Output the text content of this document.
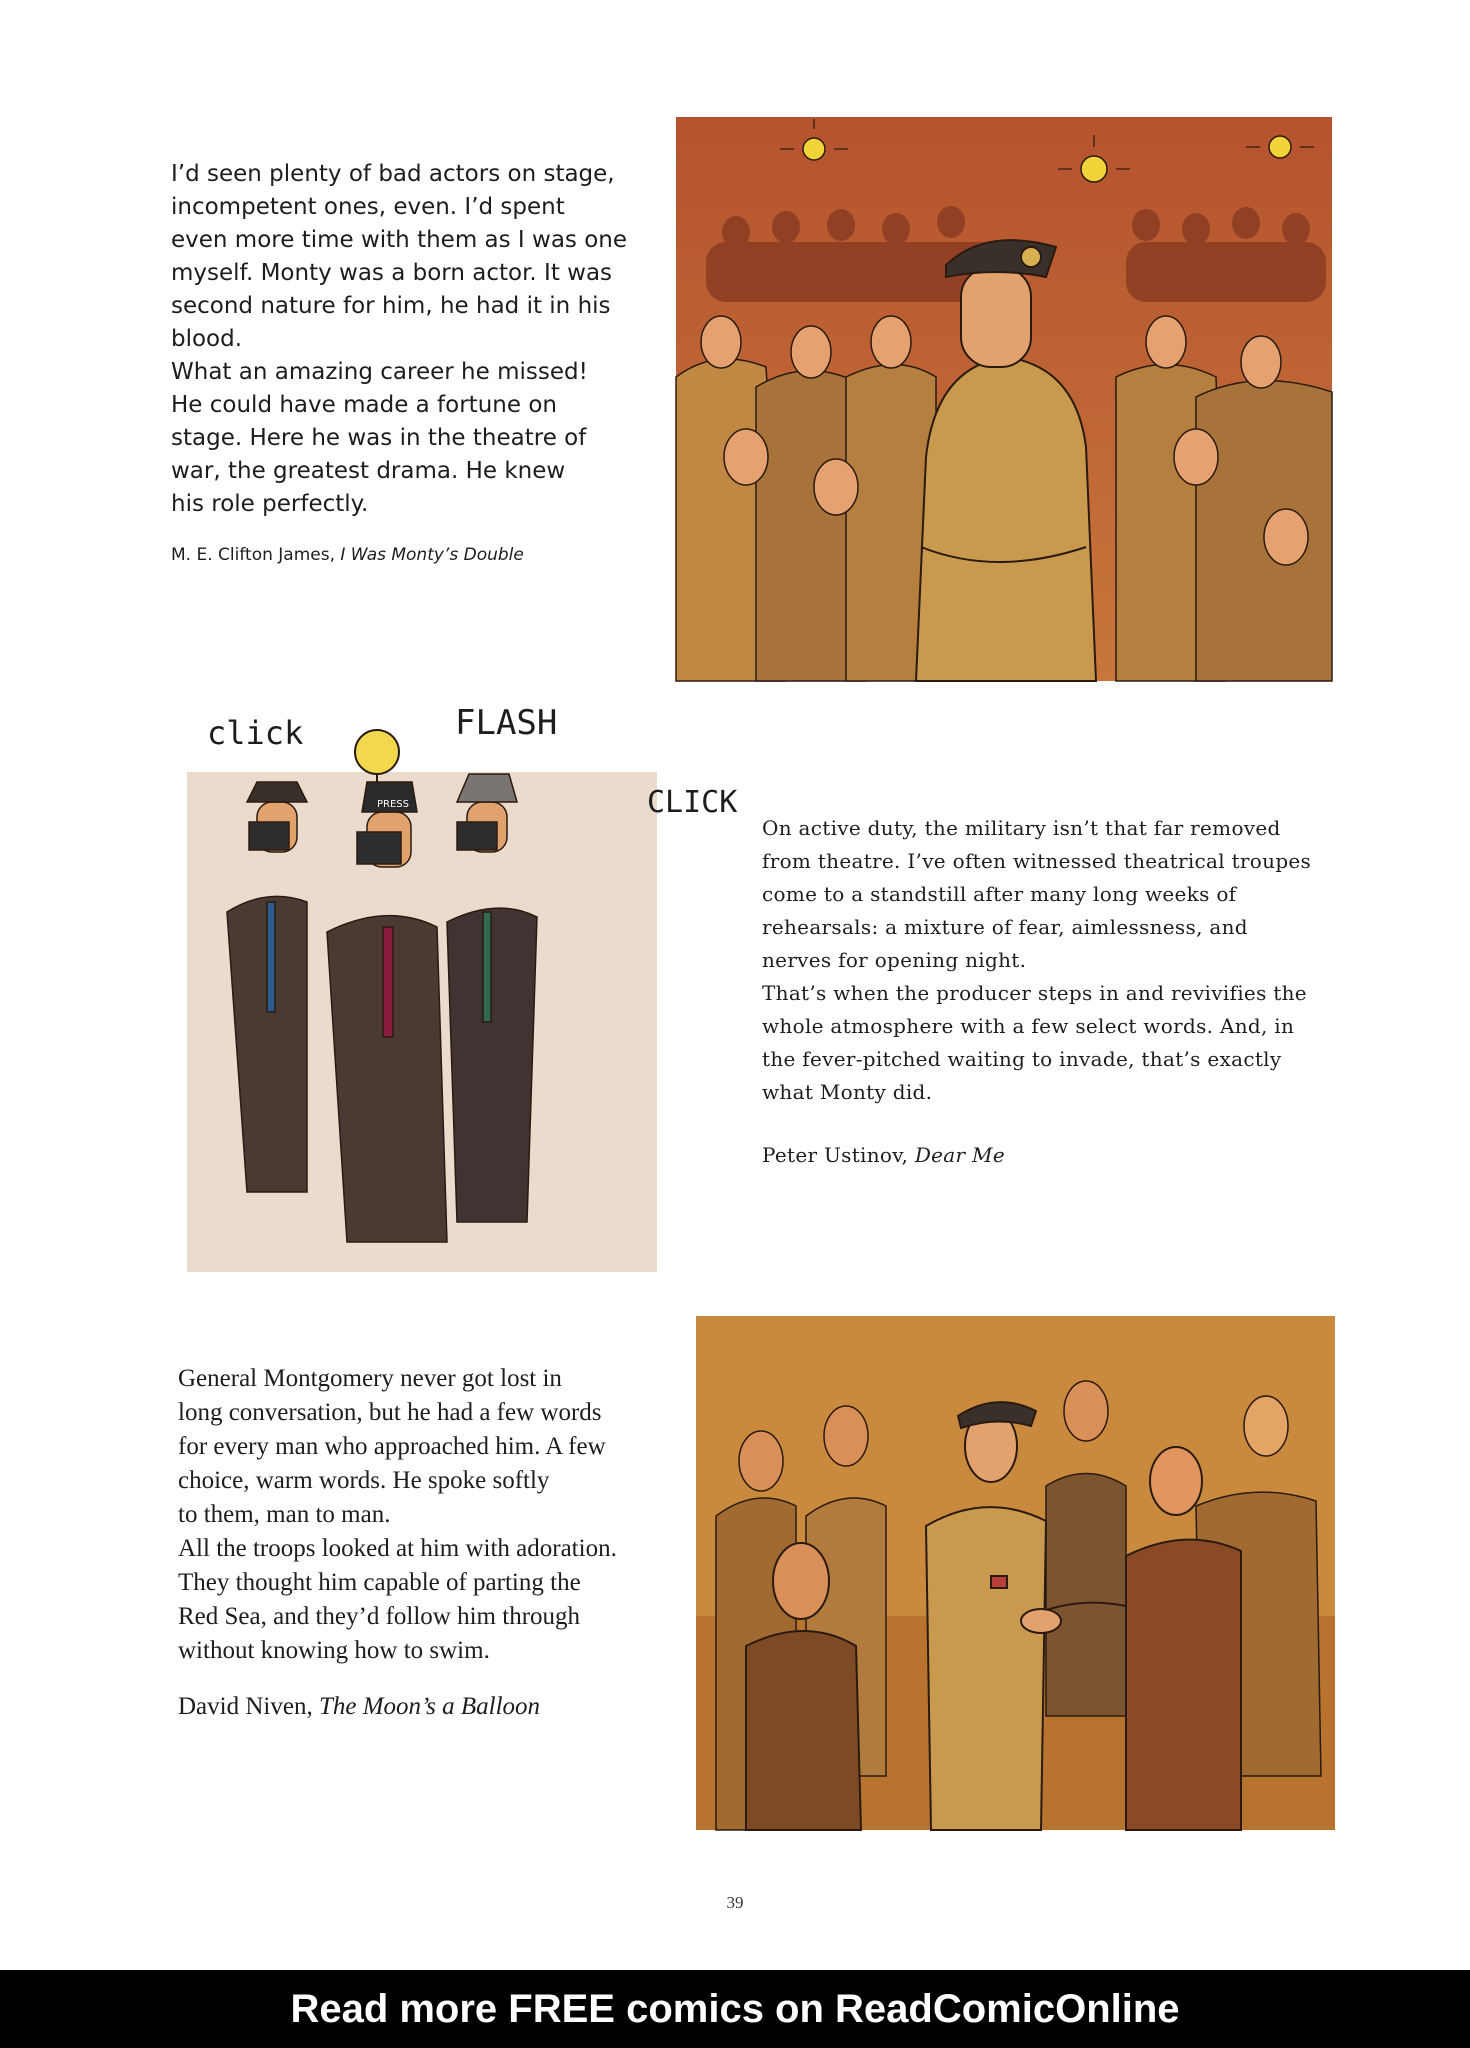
I’d seen plenty of bad actors on stage,
incompetent ones, even. I’d spent
even more time with them as I was one
myself. Monty was a born actor. It was
second nature for him, he had it in his
blood.
What an amazing career he missed!
He could have made a fortune on
stage. Here he was in the theatre of
war, the greatest drama. He knew
his role perfectly.
M. E. Clifton James, I Was Monty’s Double
click	FLASH
CLICK
PRESS
On active duty, the military isn’t that far removed
from theatre. I’ve often witnessed theatrical troupes
come to a standstill after many long weeks of
rehearsals: a mixture of fear, aimlessness, and
nerves for opening night.
That’s when the producer steps in and revivifies the
whole atmosphere with a few select words. And, in
the fever-pitched waiting to invade, that’s exactly
what Monty did.
Peter Ustinov, Dear Me
General Montgomery never got lost in
long conversation, but he had a few words
for every man who approached him. A few
choice, warm words. He spoke softly
to them, man to man.
All the troops looked at him with adoration.
They thought him capable of parting the
Red Sea, and they’d follow him through
without knowing how to swim.
David Niven, The Moon’s a Balloon
39
Read more FREE comics on ReadComicOnline
